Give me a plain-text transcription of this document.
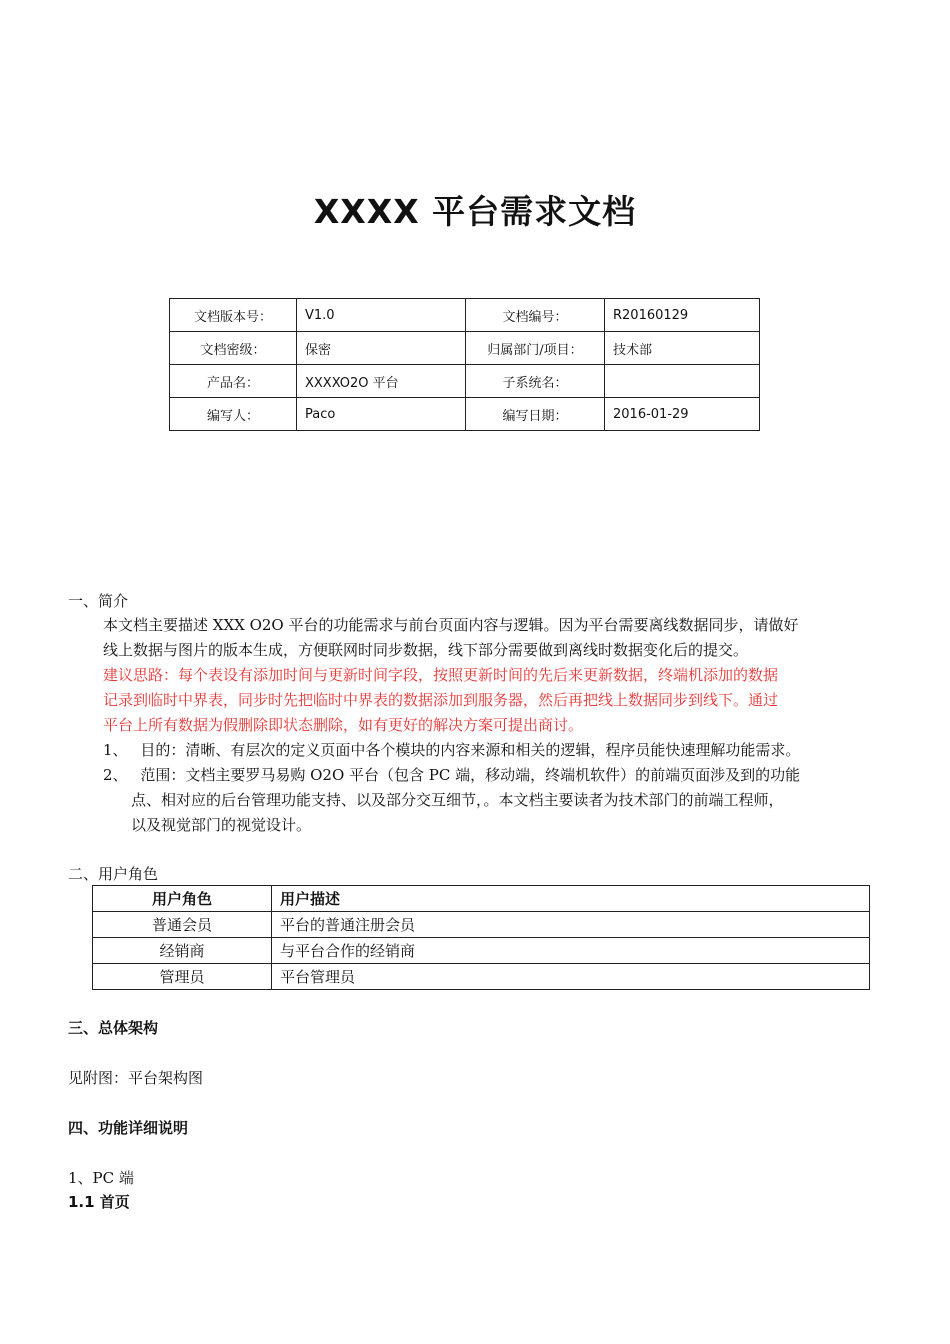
XXXX 平台需求文档
文档版本号：	V1.0	文档编号：	R20160129
文档密级：	保密	归属部门/项目：	技术部
产品名：	XXXXO2O 平台	子系统名：	
编写人：	Paco	编写日期：	2016-01-29
一、简介
本文档主要描述 XXX O2O 平台的功能需求与前台页面内容与逻辑。因为平台需要离线数据同步，请做好
线上数据与图片的版本生成，方便联网时同步数据，线下部分需要做到离线时数据变化后的提交。
建议思路：每个表设有添加时间与更新时间字段，按照更新时间的先后来更新数据，终端机添加的数据
记录到临时中界表，同步时先把临时中界表的数据添加到服务器，然后再把线上数据同步到线下。通过
平台上所有数据为假删除即状态删除，如有更好的解决方案可提出商讨。
1、 目的：清晰、有层次的定义页面中各个模块的内容来源和相关的逻辑，程序员能快速理解功能需求。
2、 范围：文档主要罗马易购 O2O 平台（包含 PC 端，移动端，终端机软件）的前端页面涉及到的功能
点、相对应的后台管理功能支持、以及部分交互细节，。本文档主要读者为技术部门的前端工程师，
以及视觉部门的视觉设计。
二、用户角色
用户角色	用户描述
普通会员	平台的普通注册会员
经销商	与平台合作的经销商
管理员	平台管理员
三、总体架构
见附图：平台架构图
四、功能详细说明
1、PC 端
1.1 首页
